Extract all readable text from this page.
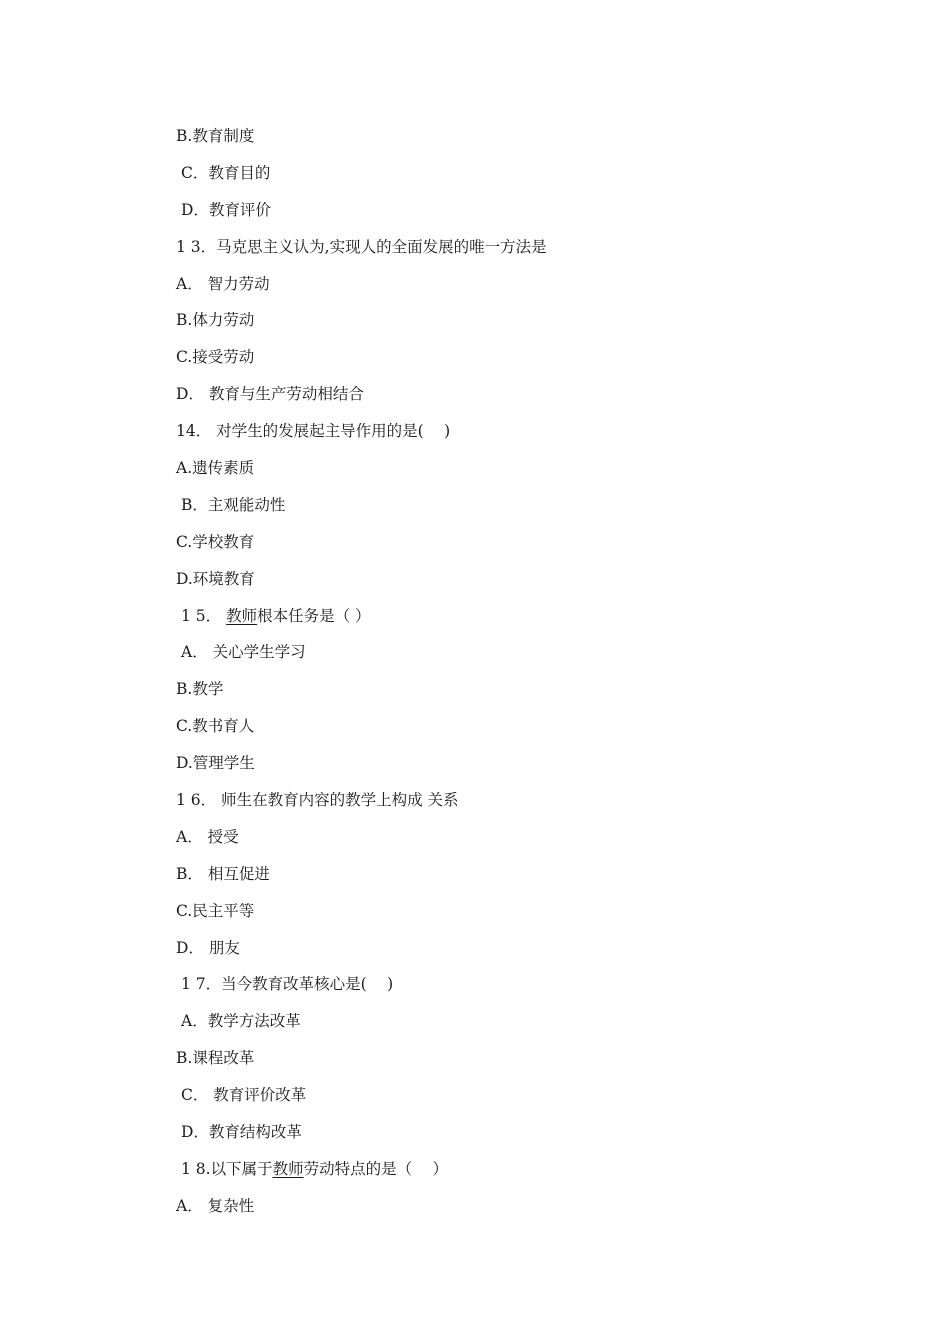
B.教育制度
C．教育目的
D．教育评价
1 3．马克思主义认为,实现人的全面发展的唯一方法是
A． 智力劳动
B.体力劳动
C.接受劳动
D． 教育与生产劳动相结合
14． 对学生的发展起主导作用的是(　 )
A.遗传素质
B．主观能动性
C.学校教育
D.环境教育
1 5． 教师根本任务是（ ）
A． 关心学生学习
B.教学
C.教书育人
D.管理学生
1 6． 师生在教育内容的教学上构成 关系
A． 授受
B． 相互促进
C.民主平等
D． 朋友
1 7．当今教育改革核心是(　 )
A．教学方法改革
B.课程改革
C． 教育评价改革
D．教育结构改革
1 8.以下属于教师劳动特点的是（　 ）
A． 复杂性
